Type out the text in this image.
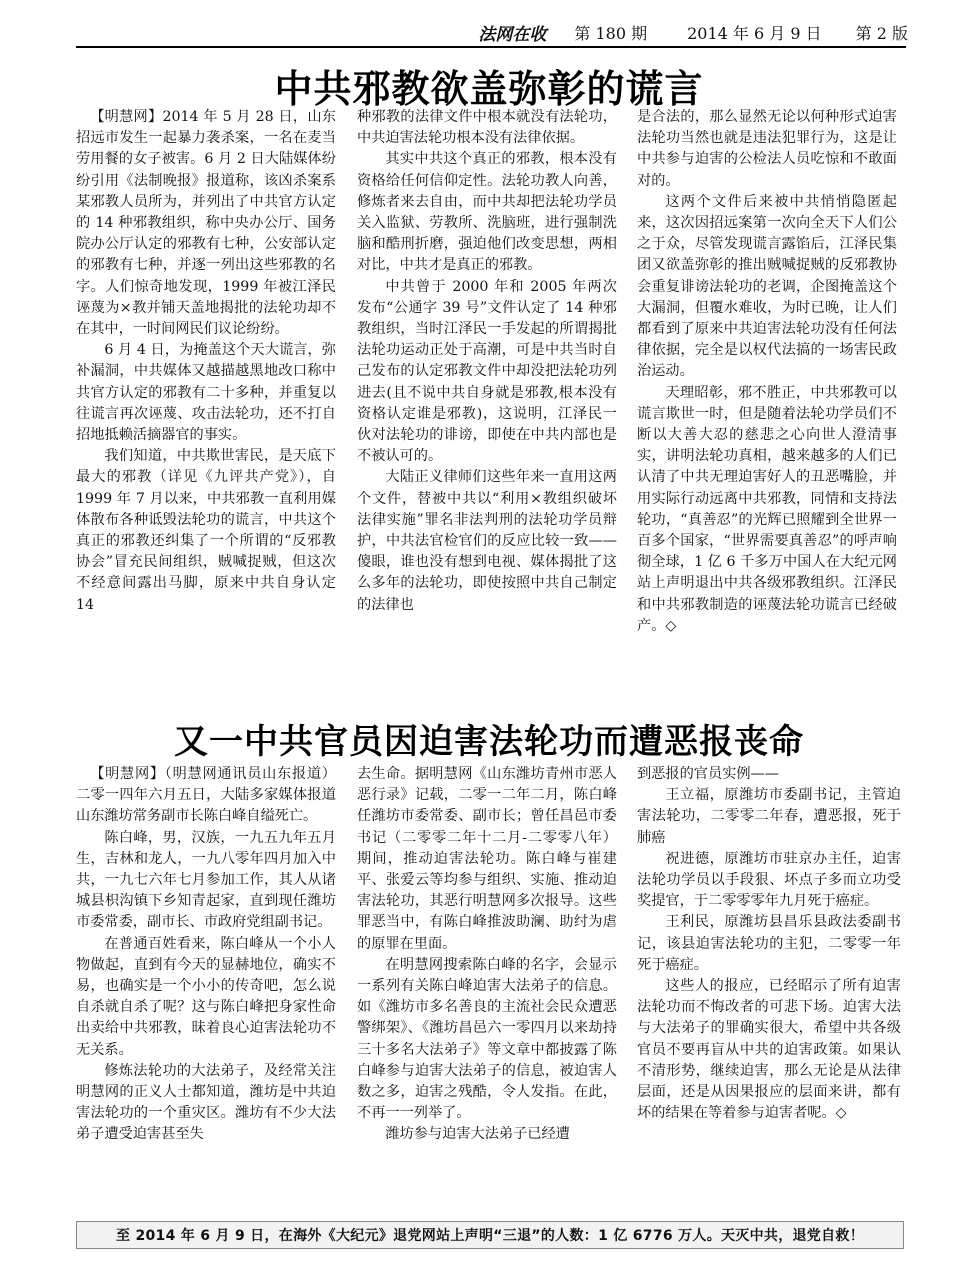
法网在收 第 180 期	2014 年 6 月 9 日 第 2 版
中共邪教欲盖弥彰的谎言

【明慧网】2014 年 5 月 28 日，山东招远市发生一起暴力袭杀案，一名在麦当劳用餐的女子被害。6 月 2 日大陆媒体纷纷引用《法制晚报》报道称，该凶杀案系某邪教人员所为，并列出了中共官方认定的 14 种邪教组织，称中央办公厅、国务院办公厅认定的邪教有七种，公安部认定的邪教有七种，并逐一列出这些邪教的名字。人们惊奇地发现，1999 年被江泽民诬蔑为×教并铺天盖地揭批的法轮功却不在其中，一时间网民们议论纷纷。

6 月 4 日，为掩盖这个天大谎言，弥补漏洞，中共媒体又越描越黑地改口称中共官方认定的邪教有二十多种，并重复以往谎言再次诬蔑、攻击法轮功，还不打自招地抵赖活摘器官的事实。

我们知道，中共欺世害民，是天底下最大的邪教（详见《九评共产党》），自 1999 年 7 月以来，中共邪教一直利用媒体散布各种诋毁法轮功的谎言，中共这个真正的邪教还纠集了一个所谓的“反邪教协会”冒充民间组织，贼喊捉贼，但这次不经意间露出马脚，原来中共自身认定 14

种邪教的法律文件中根本就没有法轮功，中共迫害法轮功根本没有法律依据。

其实中共这个真正的邪教，根本没有资格给任何信仰定性。法轮功教人向善，修炼者来去自由，而中共却把法轮功学员关入监狱、劳教所、洗脑班，进行强制洗脑和酷刑折磨，强迫他们改变思想，两相对比，中共才是真正的邪教。

中共曾于 2000 年和 2005 年两次发布“公通字 39 号”文件认定了 14 种邪教组织，当时江泽民一手发起的所谓揭批法轮功运动正处于高潮，可是中共当时自己发布的认定邪教文件中却没把法轮功列进去(且不说中共自身就是邪教,根本没有资格认定谁是邪教)，这说明，江泽民一伙对法轮功的诽谤，即使在中共内部也是不被认可的。

大陆正义律师们这些年来一直用这两个文件，替被中共以“利用×教组织破坏法律实施”罪名非法判刑的法轮功学员辩护，中共法官检官们的反应比较一致——傻眼，谁也没有想到电视、媒体揭批了这么多年的法轮功，即使按照中共自己制定的法律也

是合法的，那么显然无论以何种形式迫害法轮功当然也就是违法犯罪行为，这是让中共参与迫害的公检法人员吃惊和不敢面对的。

这两个文件后来被中共悄悄隐匿起来，这次因招远案第一次向全天下人们公之于众，尽管发现谎言露馅后，江泽民集团又欲盖弥彰的推出贼喊捉贼的反邪教协会重复诽谤法轮功的老调，企图掩盖这个大漏洞，但覆水难收，为时已晚，让人们都看到了原来中共迫害法轮功没有任何法律依据，完全是以权代法搞的一场害民政治运动。

天理昭彰，邪不胜正，中共邪教可以谎言欺世一时，但是随着法轮功学员们不断以大善大忍的慈悲之心向世人澄清事实，讲明法轮功真相，越来越多的人们已认清了中共无理迫害好人的丑恶嘴脸，并用实际行动远离中共邪教，同情和支持法轮功，“真善忍”的光辉已照耀到全世界一百多个国家，“世界需要真善忍”的呼声响彻全球，1 亿 6 千多万中国人在大纪元网站上声明退出中共各级邪教组织。江泽民和中共邪教制造的诬蔑法轮功谎言已经破产。◇

又一中共官员因迫害法轮功而遭恶报丧命

【明慧网】（明慧网通讯员山东报道）二零一四年六月五日，大陆多家媒体报道山东潍坊常务副市长陈白峰自缢死亡。

陈白峰，男，汉族，一九五九年五月生，吉林和龙人，一九八零年四月加入中共，一九七六年七月参加工作，其人从诸城县枳沟镇下乡知青起家，直到现任潍坊市委常委，副市长、市政府党组副书记。

在普通百姓看来，陈白峰从一个小人物做起，直到有今天的显赫地位，确实不易，也确实是一个小小的传奇吧，怎么说自杀就自杀了呢？这与陈白峰把身家性命出卖给中共邪教，昧着良心迫害法轮功不无关系。

修炼法轮功的大法弟子，及经常关注明慧网的正义人士都知道，潍坊是中共迫害法轮功的一个重灾区。潍坊有不少大法弟子遭受迫害甚至失

去生命。据明慧网《山东潍坊青州市恶人恶行录》记载，二零一二年二月，陈白峰任潍坊市委常委、副市长；曾任昌邑市委书记（二零零二年十二月-二零零八年）期间，推动迫害法轮功。陈白峰与崔建平、张爱云等均参与组织、实施、推动迫害法轮功，其恶行明慧网多次报导。这些罪恶当中，有陈白峰推波助澜、助纣为虐的原罪在里面。

在明慧网搜索陈白峰的名字，会显示一系列有关陈白峰迫害大法弟子的信息。如《潍坊市多名善良的主流社会民众遭恶警绑架》、《潍坊昌邑六一零四月以来劫持三十多名大法弟子》等文章中都披露了陈白峰参与迫害大法弟子的信息，被迫害人数之多，迫害之残酷，令人发指。在此，不再一一列举了。

潍坊参与迫害大法弟子已经遭

到恶报的官员实例——

王立福，原潍坊市委副书记，主管迫害法轮功，二零零二年春，遭恶报，死于肺癌

祝进德，原潍坊市驻京办主任，迫害法轮功学员以手段狠、坏点子多而立功受奖提官，于二零零零年九月死于癌症。

王利民，原潍坊县昌乐县政法委副书记，该县迫害法轮功的主犯，二零零一年死于癌症。

这些人的报应，已经昭示了所有迫害法轮功而不悔改者的可悲下场。迫害大法与大法弟子的罪确实很大，希望中共各级官员不要再盲从中共的迫害政策。如果认不清形势，继续迫害，那么无论是从法律层面，还是从因果报应的层面来讲，都有坏的结果在等着参与迫害者呢。◇

至 2014 年 6 月 9 日，在海外《大纪元》退党网站上声明“三退”的人数：1 亿 6776 万人。天灭中共，退党自救！
